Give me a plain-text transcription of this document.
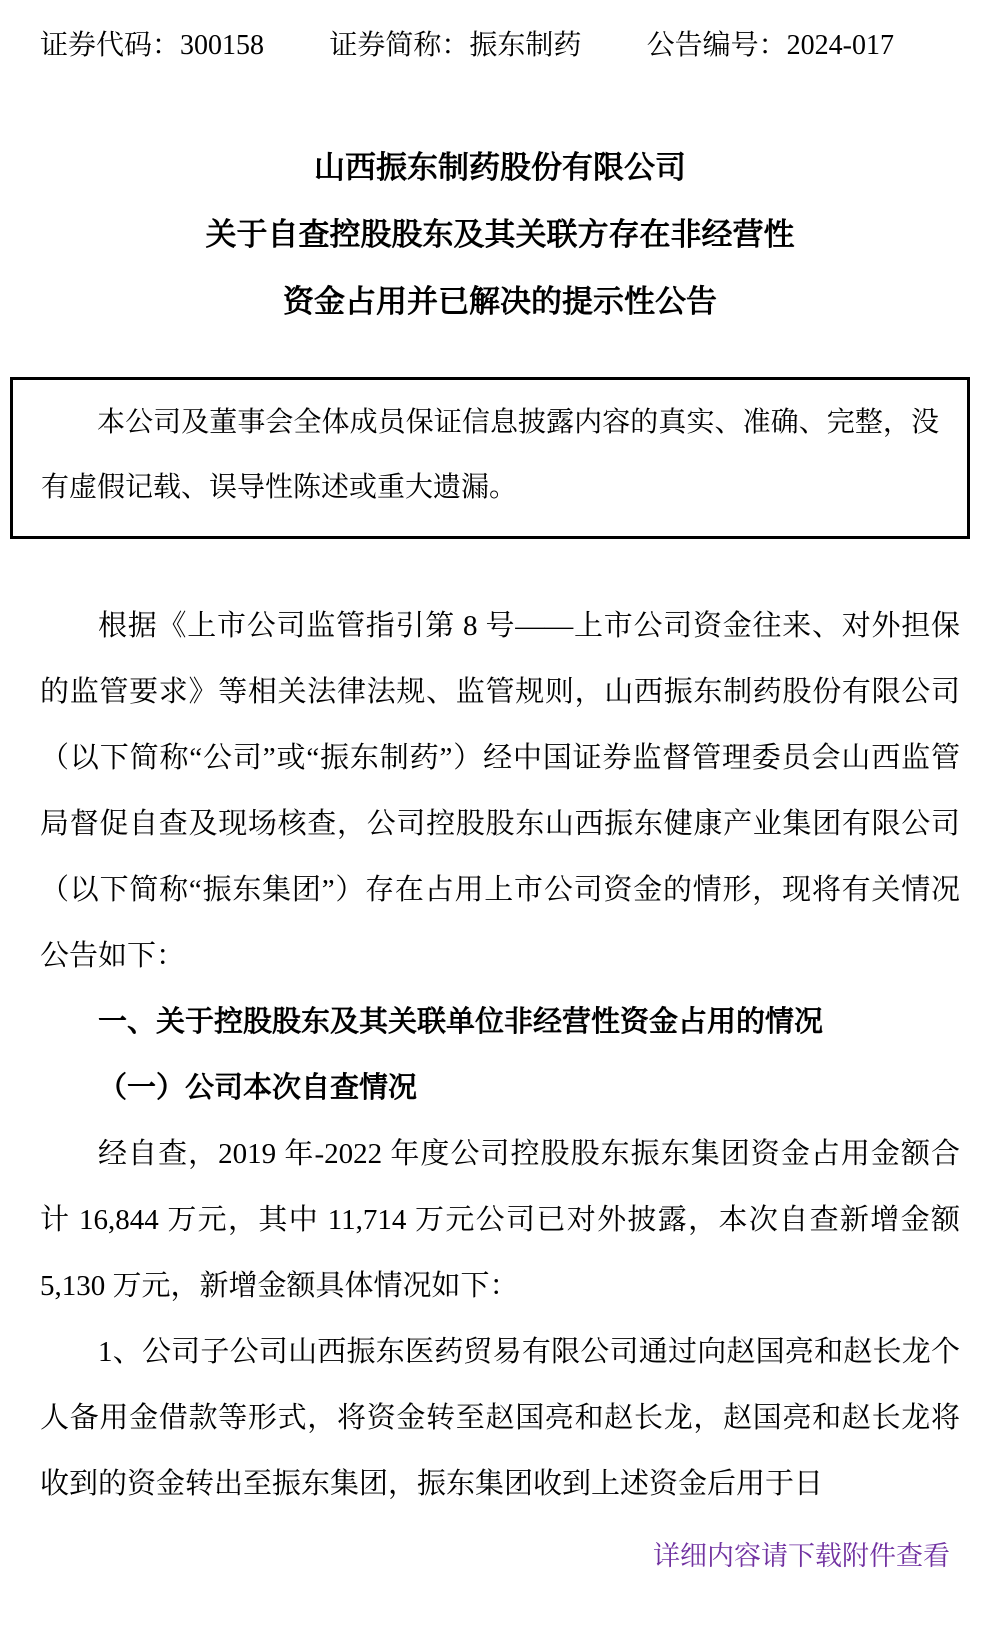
证券代码：300158 证券简称：振东制药 公告编号：2024-017
山西振东制药股份有限公司
关于自查控股股东及其关联方存在非经营性
资金占用并已解决的提示性公告

本公司及董事会全体成员保证信息披露内容的真实、准确、完整，没有虚假记载、误导性陈述或重大遗漏。

根据《上市公司监管指引第 8 号——上市公司资金往来、对外担保的监管要求》等相关法律法规、监管规则，山西振东制药股份有限公司（以下简称“公司”或“振东制药”）经中国证券监督管理委员会山西监管局督促自查及现场核查，公司控股股东山西振东健康产业集团有限公司（以下简称“振东集团”）存在占用上市公司资金的情形，现将有关情况公告如下：

一、关于控股股东及其关联单位非经营性资金占用的情况

（一）公司本次自查情况

经自查，2019 年-2022 年度公司控股股东振东集团资金占用金额合计 16,844 万元，其中 11,714 万元公司已对外披露，本次自查新增金额 5,130 万元，新增金额具体情况如下：

1、公司子公司山西振东医药贸易有限公司通过向赵国亮和赵长龙个人备用金借款等形式，将资金转至赵国亮和赵长龙，赵国亮和赵长龙将收到的资金转出至振东集团，振东集团收到上述资金后用于日

详细内容请下载附件查看
